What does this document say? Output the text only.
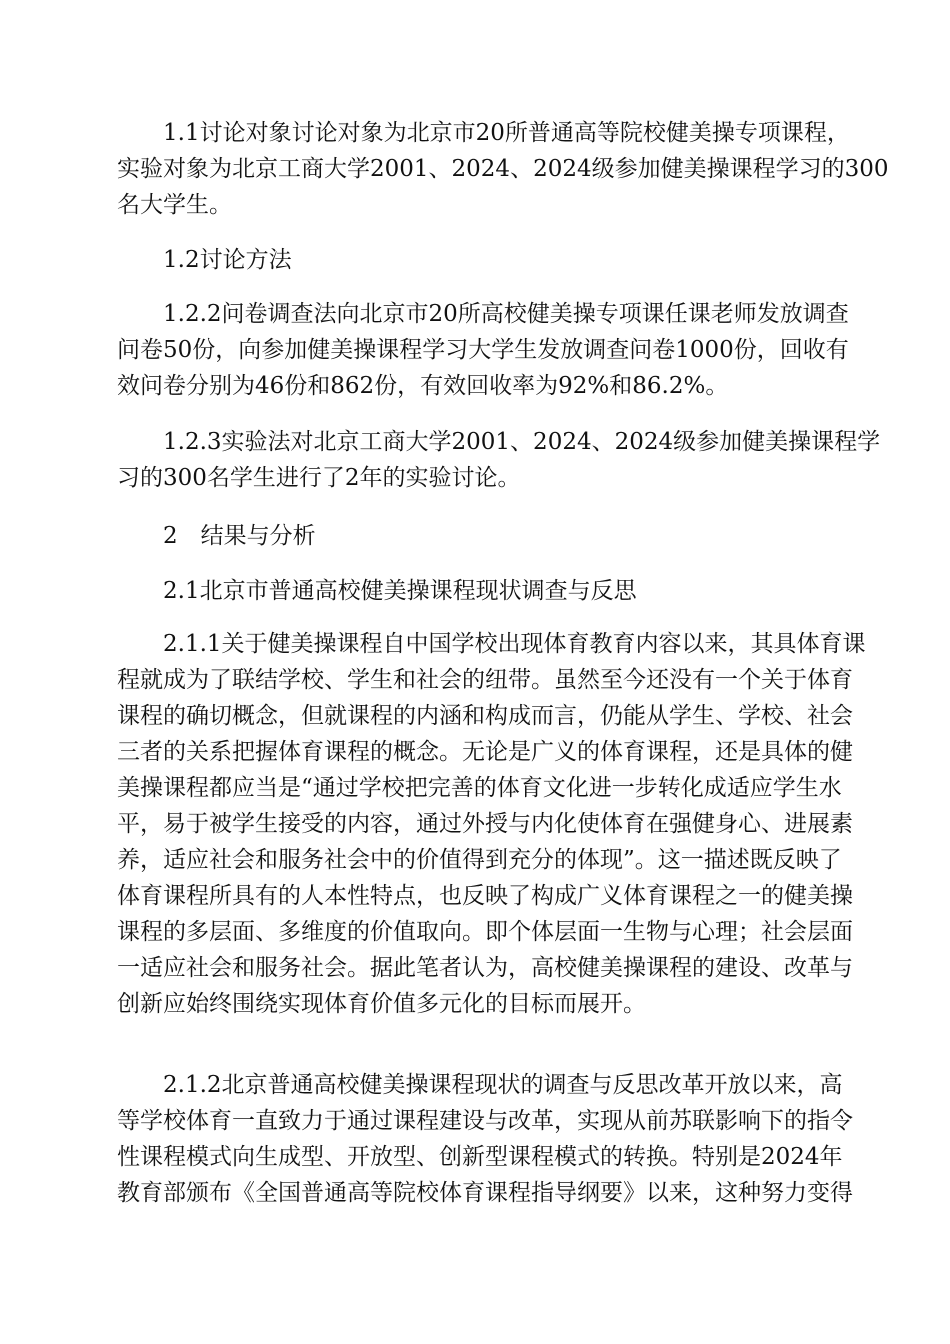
1.1讨论对象讨论对象为北京市20所普通高等院校健美操专项课程，
实验对象为北京工商大学2001、2024、2024级参加健美操课程学习的300
名大学生。

1.2讨论方法

1.2.2问卷调查法向北京市20所高校健美操专项课任课老师发放调查
问卷50份，向参加健美操课程学习大学生发放调查问卷1000份，回收有
效问卷分别为46份和862份，有效回收率为92%和86.2%。

1.2.3实验法对北京工商大学2001、2024、2024级参加健美操课程学
习的300名学生进行了2年的实验讨论。

2　结果与分析

2.1北京市普通高校健美操课程现状调查与反思

2.1.1关于健美操课程自中国学校出现体育教育内容以来，其具体育课
程就成为了联结学校、学生和社会的纽带。虽然至今还没有一个关于体育
课程的确切概念，但就课程的内涵和构成而言，仍能从学生、学校、社会
三者的关系把握体育课程的概念。无论是广义的体育课程，还是具体的健
美操课程都应当是“通过学校把完善的体育文化进一步转化成适应学生水
平，易于被学生接受的内容，通过外授与内化使体育在强健身心、进展素
养，适应社会和服务社会中的价值得到充分的体现”。这一描述既反映了
体育课程所具有的人本性特点，也反映了构成广义体育课程之一的健美操
课程的多层面、多维度的价值取向。即个体层面一生物与心理；社会层面
一适应社会和服务社会。据此笔者认为，高校健美操课程的建设、改革与
创新应始终围绕实现体育价值多元化的目标而展开。

2.1.2北京普通高校健美操课程现状的调查与反思改革开放以来，高
等学校体育一直致力于通过课程建设与改革，实现从前苏联影响下的指令
性课程模式向生成型、开放型、创新型课程模式的转换。特别是2024年
教育部颁布《全国普通高等院校体育课程指导纲要》以来，这种努力变得
